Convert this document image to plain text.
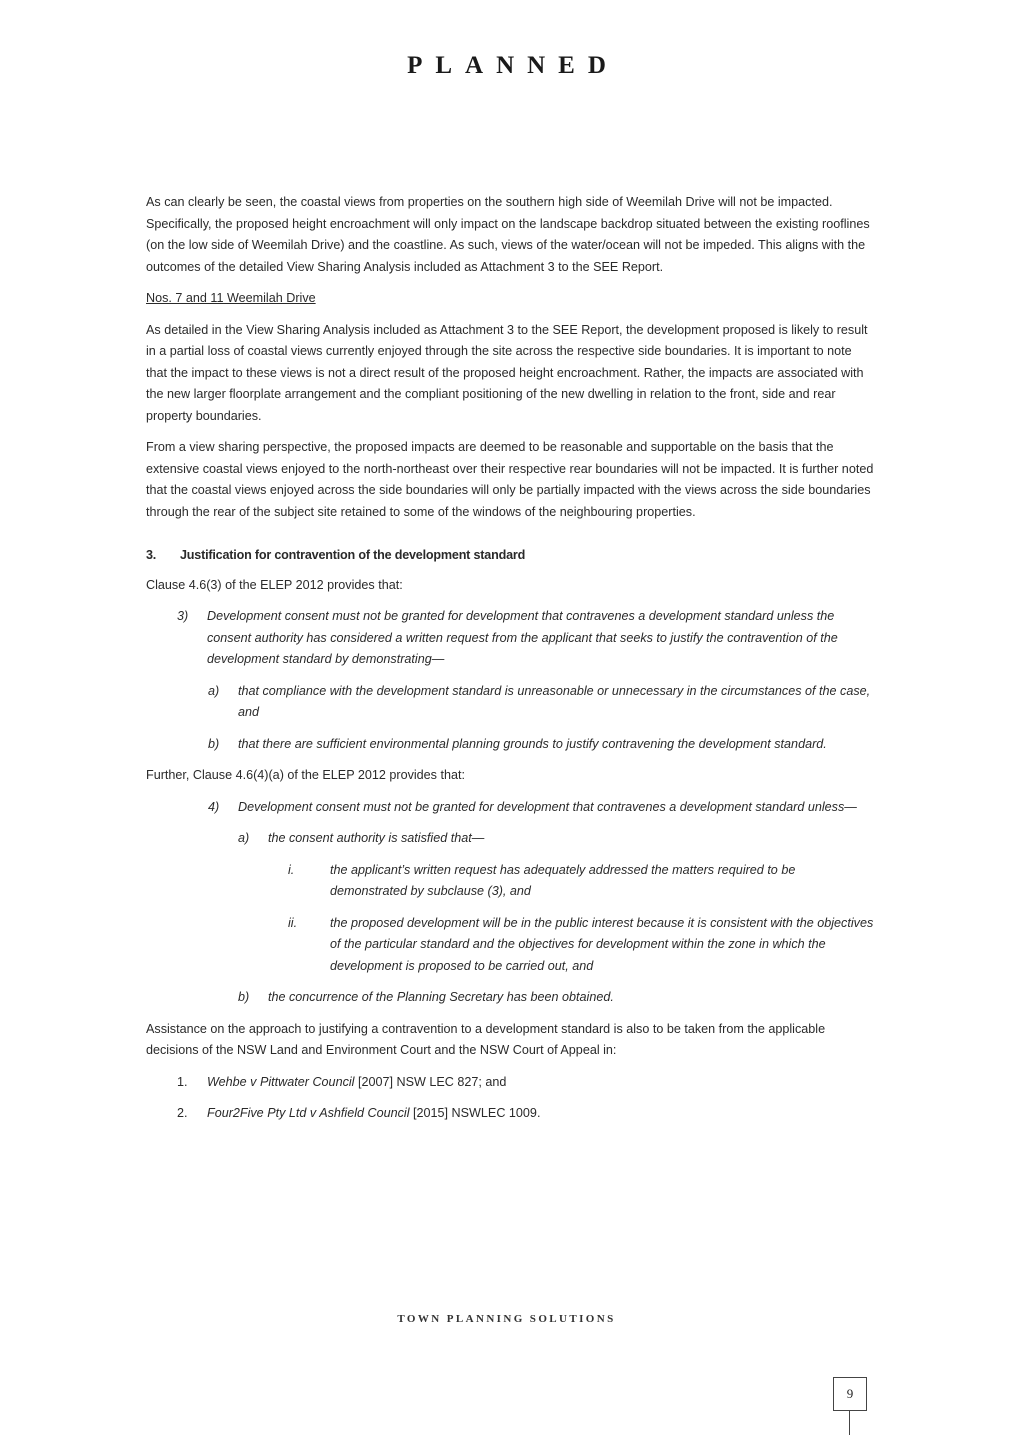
PLANNED

As can clearly be seen, the coastal views from properties on the southern high side of Weemilah Drive will not be impacted. Specifically, the proposed height encroachment will only impact on the landscape backdrop situated between the existing rooflines (on the low side of Weemilah Drive) and the coastline. As such, views of the water/ocean will not be impeded. This aligns with the outcomes of the detailed View Sharing Analysis included as Attachment 3 to the SEE Report.

Nos. 7 and 11 Weemilah Drive

As detailed in the View Sharing Analysis included as Attachment 3 to the SEE Report, the development proposed is likely to result in a partial loss of coastal views currently enjoyed through the site across the respective side boundaries. It is important to note that the impact to these views is not a direct result of the proposed height encroachment. Rather, the impacts are associated with the new larger floorplate arrangement and the compliant positioning of the new dwelling in relation to the front, side and rear property boundaries.

From a view sharing perspective, the proposed impacts are deemed to be reasonable and supportable on the basis that the extensive coastal views enjoyed to the north-northeast over their respective rear boundaries will not be impacted. It is further noted that the coastal views enjoyed across the side boundaries will only be partially impacted with the views across the side boundaries through the rear of the subject site retained to some of the windows of the neighbouring properties.

3.	Justification for contravention of the development standard

Clause 4.6(3) of the ELEP 2012 provides that:

3)	Development consent must not be granted for development that contravenes a development standard unless the consent authority has considered a written request from the applicant that seeks to justify the contravention of the development standard by demonstrating—
a)	that compliance with the development standard is unreasonable or unnecessary in the circumstances of the case, and
b)	that there are sufficient environmental planning grounds to justify contravening the development standard.

Further, Clause 4.6(4)(a) of the ELEP 2012 provides that:

4)	Development consent must not be granted for development that contravenes a development standard unless—
a)	the consent authority is satisfied that—
i.	the applicant’s written request has adequately addressed the matters required to be demonstrated by subclause (3), and
ii.	the proposed development will be in the public interest because it is consistent with the objectives of the particular standard and the objectives for development within the zone in which the development is proposed to be carried out, and
b)	the concurrence of the Planning Secretary has been obtained.

Assistance on the approach to justifying a contravention to a development standard is also to be taken from the applicable decisions of the NSW Land and Environment Court and the NSW Court of Appeal in:

1.	Wehbe v Pittwater Council [2007] NSW LEC 827; and
2.	Four2Five Pty Ltd v Ashfield Council [2015] NSWLEC 1009.
TOWN PLANNING SOLUTIONS
9
